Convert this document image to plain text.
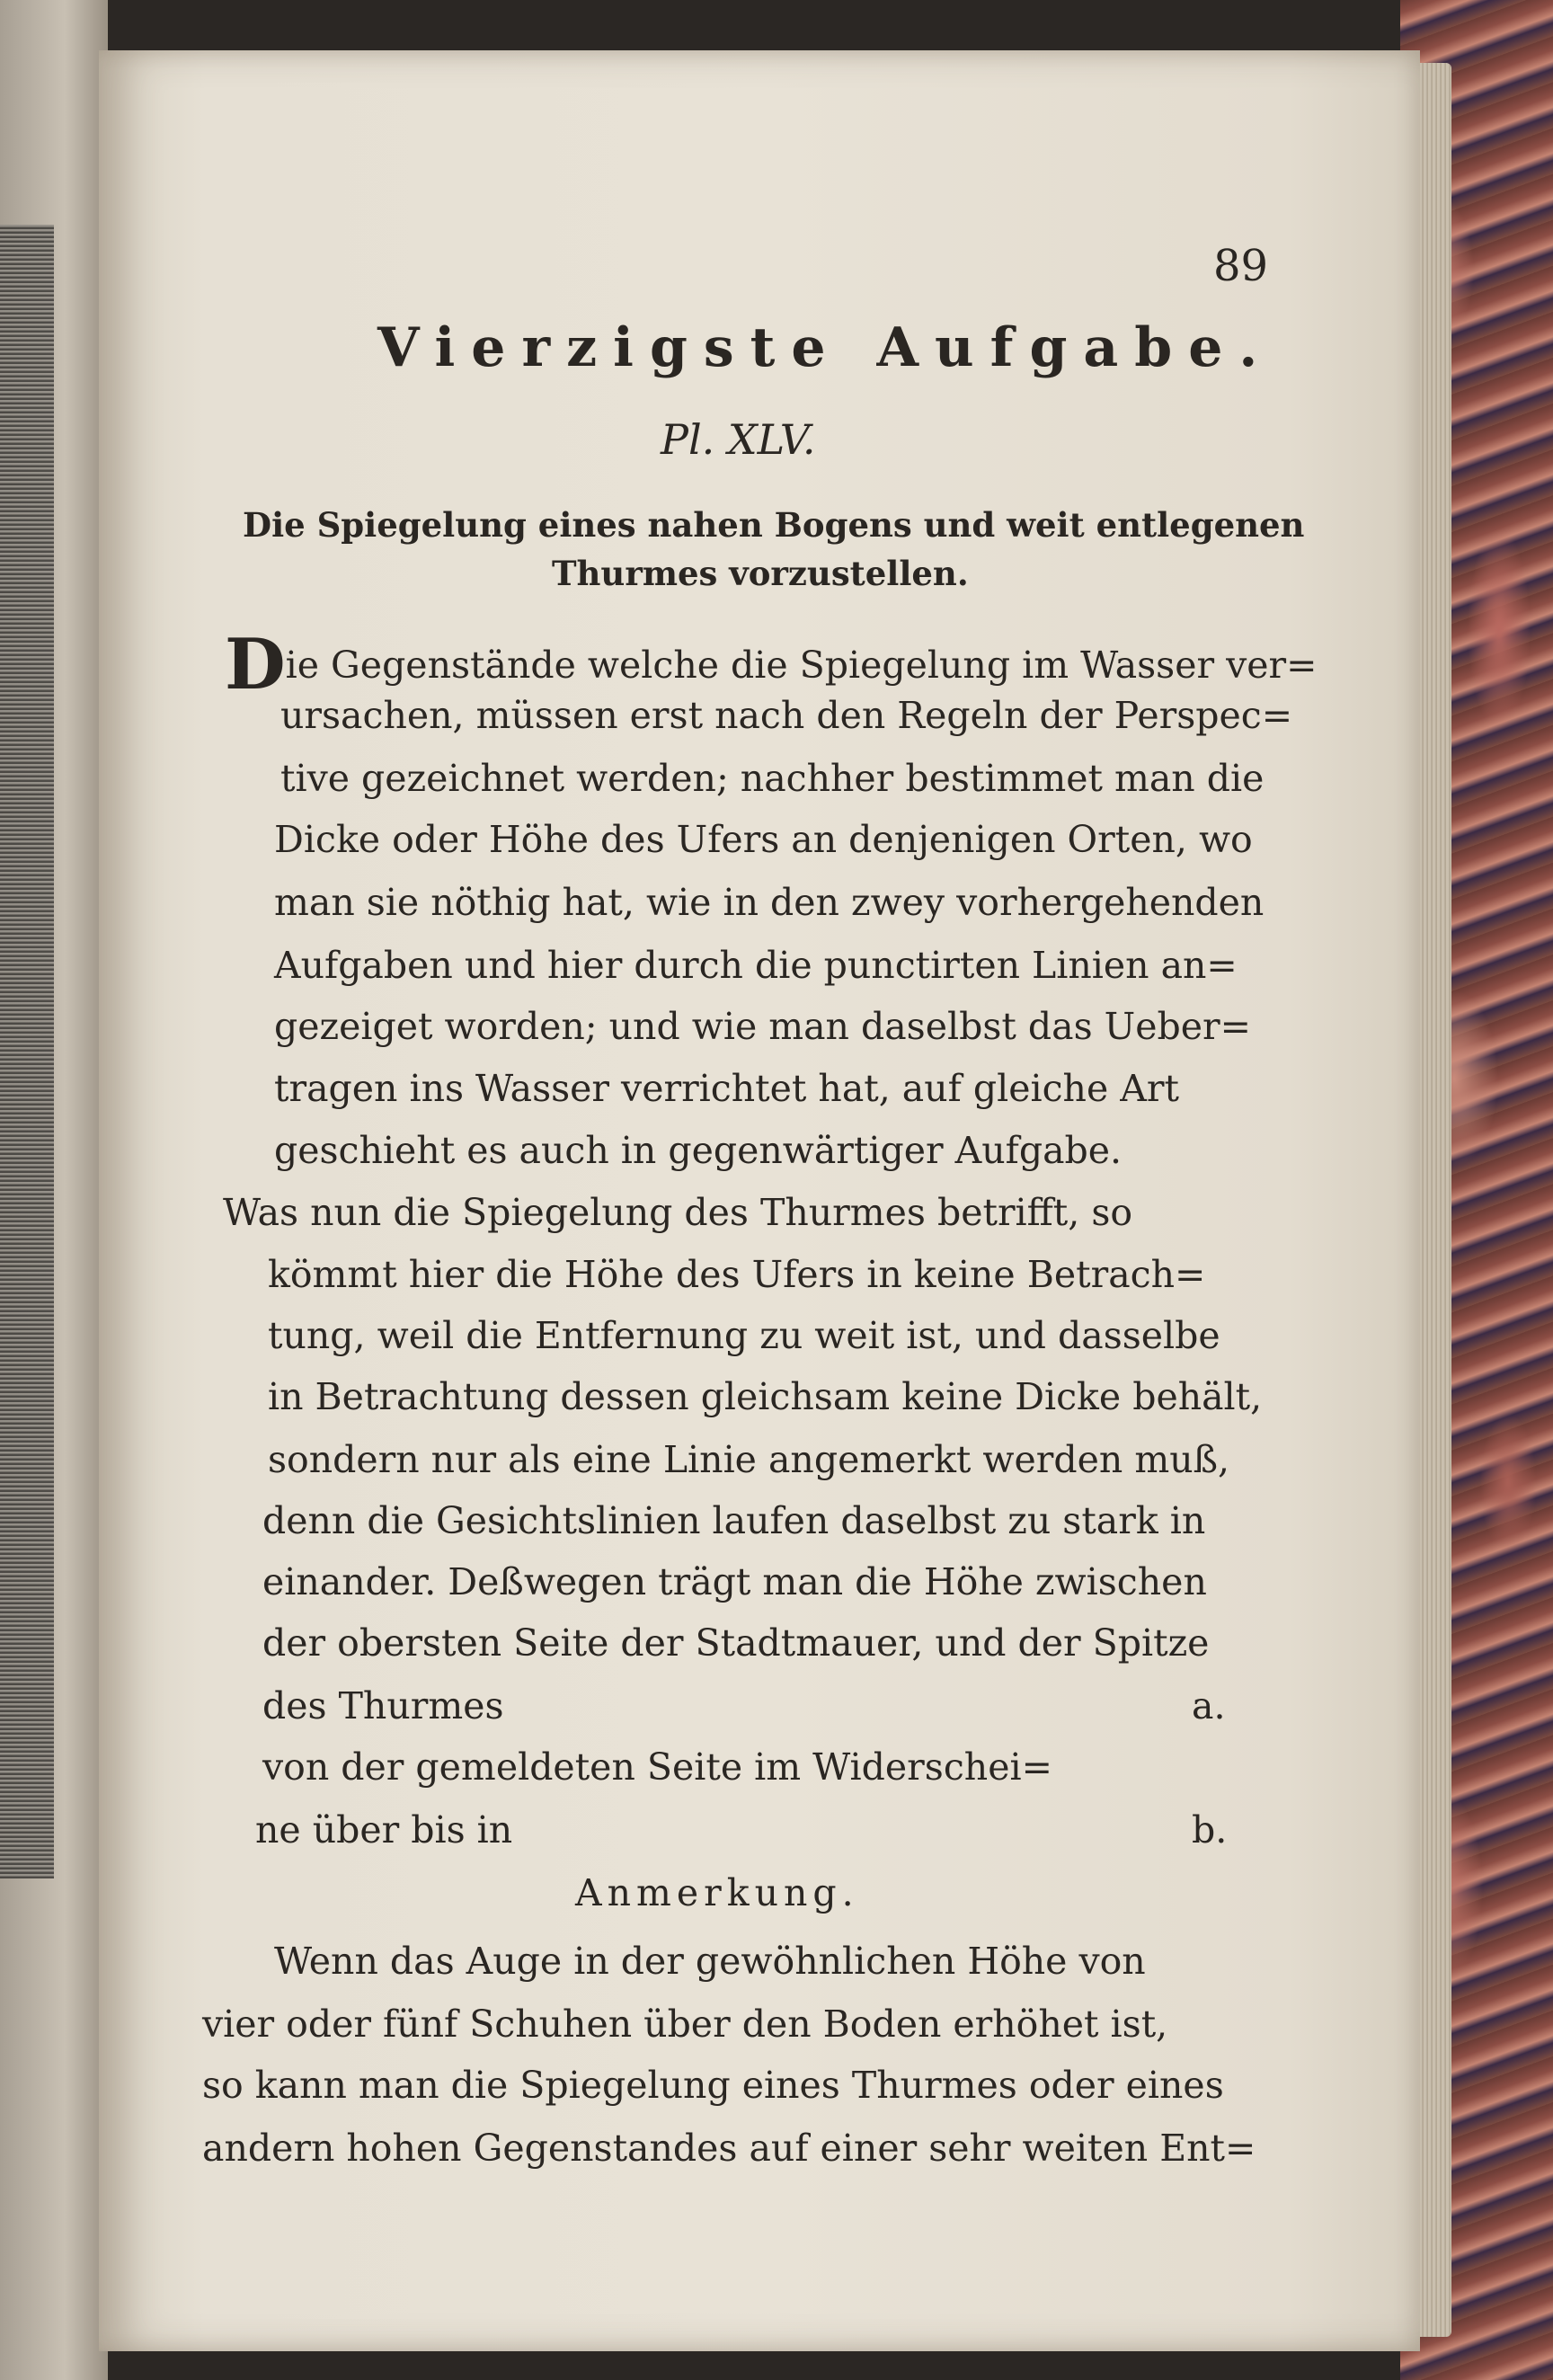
89
Vierzigste Aufgabe.
Pl. XLV.
Die Spiegelung eines nahen Bogens und weit entlegenen
Thurmes vorzustellen.
Die Gegenstände welche die Spiegelung im Wasser ver=
ursachen, müssen erst nach den Regeln der Perspec=
tive gezeichnet werden; nachher bestimmet man die
Dicke oder Höhe des Ufers an denjenigen Orten, wo
man sie nöthig hat, wie in den zwey vorhergehenden
Aufgaben und hier durch die punctirten Linien an=
gezeiget worden; und wie man daselbst das Ueber=
tragen ins Wasser verrichtet hat, auf gleiche Art
geschieht es auch in gegenwärtiger Aufgabe.
Was nun die Spiegelung des Thurmes betrifft, so
kömmt hier die Höhe des Ufers in keine Betrach=
tung, weil die Entfernung zu weit ist, und dasselbe
in Betrachtung dessen gleichsam keine Dicke behält,
sondern nur als eine Linie angemerkt werden muß,
denn die Gesichtslinien laufen daselbst zu stark in
einander. Deßwegen trägt man die Höhe zwischen
der obersten Seite der Stadtmauer, und der Spitze
des Thurmes	a.
von der gemeldeten Seite im Widerschei=
ne über bis in	b.
Anmerkung.
Wenn das Auge in der gewöhnlichen Höhe von
vier oder fünf Schuhen über den Boden erhöhet ist,
so kann man die Spiegelung eines Thurmes oder eines
andern hohen Gegenstandes auf einer sehr weiten Ent=
